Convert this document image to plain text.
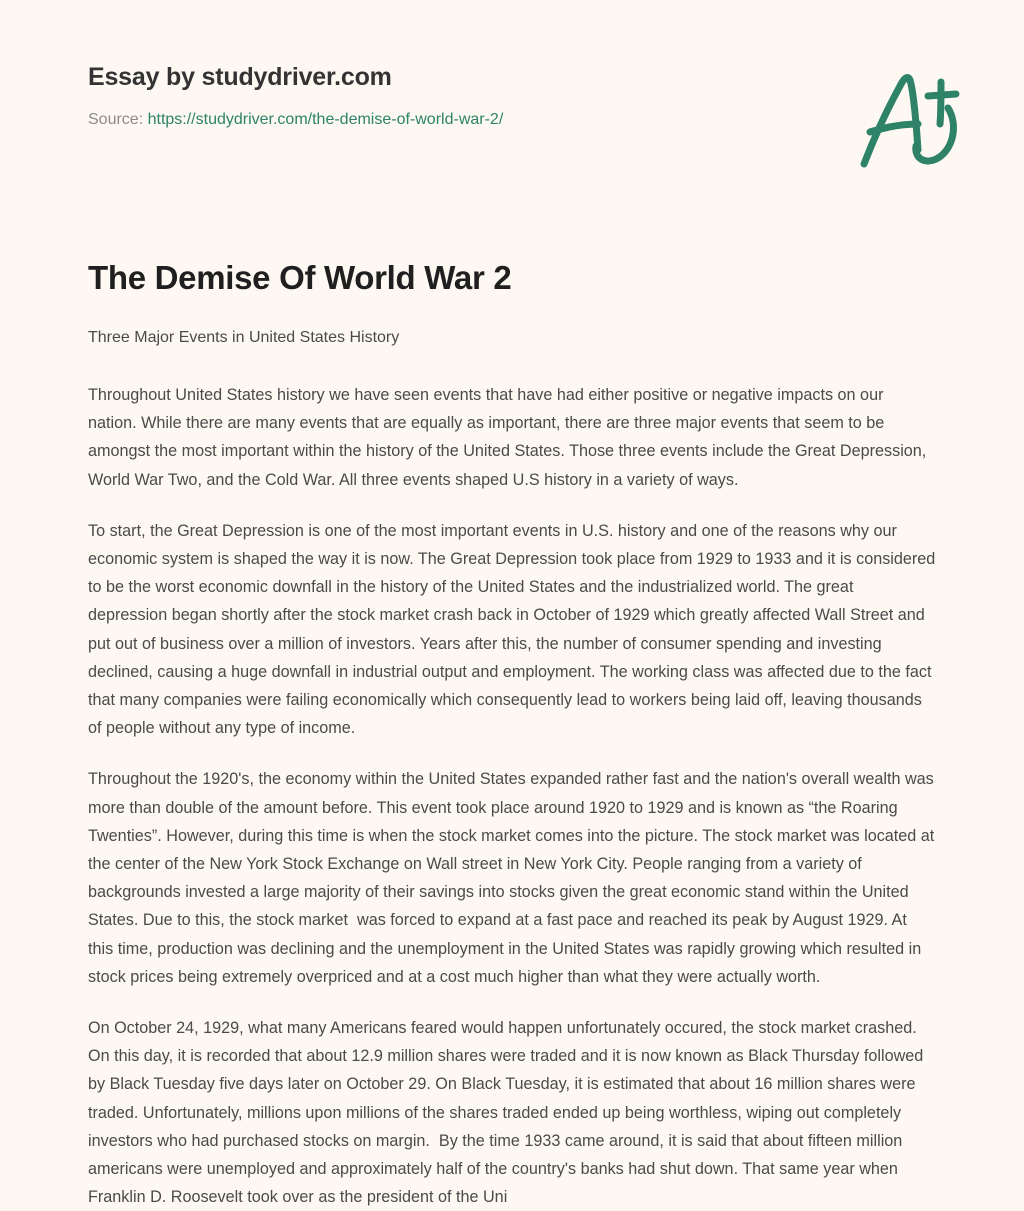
Essay by studydriver.com
Source: https://studydriver.com/the-demise-of-world-war-2/
The Demise Of World War 2

Three Major Events in United States History

Throughout United States history we have seen events that have had either positive or negative impacts on our nation. While there are many events that are equally as important, there are three major events that seem to be amongst the most important within the history of the United States. Those three events include the Great Depression, World War Two, and the Cold War. All three events shaped U.S history in a variety of ways.

To start, the Great Depression is one of the most important events in U.S. history and one of the reasons why our economic system is shaped the way it is now. The Great Depression took place from 1929 to 1933 and it is considered to be the worst economic downfall in the history of the United States and the industrialized world. The great depression began shortly after the stock market crash back in October of 1929 which greatly affected Wall Street and put out of business over a million of investors. Years after this, the number of consumer spending and investing declined, causing a huge downfall in industrial output and employment. The working class was affected due to the fact that many companies were failing economically which consequently lead to workers being laid off, leaving thousands of people without any type of income.

Throughout the 1920's, the economy within the United States expanded rather fast and the nation's overall wealth was more than double of the amount before. This event took place around 1920 to 1929 and is known as “the Roaring Twenties”. However, during this time is when the stock market comes into the picture. The stock market was located at the center of the New York Stock Exchange on Wall street in New York City. People ranging from a variety of backgrounds invested a large majority of their savings into stocks given the great economic stand within the United States. Due to this, the stock market  was forced to expand at a fast pace and reached its peak by August 1929. At this time, production was declining and the unemployment in the United States was rapidly growing which resulted in stock prices being extremely overpriced and at a cost much higher than what they were actually worth.

On October 24, 1929, what many Americans feared would happen unfortunately occured, the stock market crashed. On this day, it is recorded that about 12.9 million shares were traded and it is now known as Black Thursday followed by Black Tuesday five days later on October 29. On Black Tuesday, it is estimated that about 16 million shares were traded. Unfortunately, millions upon millions of the shares traded ended up being worthless, wiping out completely investors who had purchased stocks on margin.  By the time 1933 came around, it is said that about fifteen million americans were unemployed and approximately half of the country's banks had shut down. That same year when Franklin D. Roosevelt took over as the president of the Uni
